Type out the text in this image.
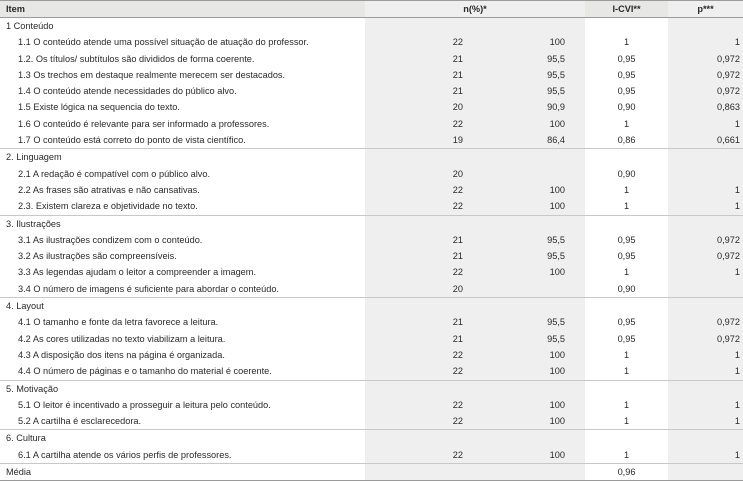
Item	n(%)*		I-CVI**	p***
1 Conteúdo				
1.1 O conteúdo atende uma possível situação de atuação do professor.	22	100	1	1
1.2. Os títulos/ subtítulos são divididos de forma coerente.	21	95,5	0,95	0,972
1.3 Os trechos em destaque realmente merecem ser destacados.	21	95,5	0,95	0,972
1.4 O conteúdo atende necessidades do público alvo.	21	95,5	0,95	0,972
1.5 Existe lógica na sequencia do texto.	20	90,9	0,90	0,863
1.6 O conteúdo é relevante para ser informado a professores.	22	100	1	1
1.7 O conteúdo está correto do ponto de vista científico.	19	86,4	0,86	0,661
2. Linguagem				
2.1 A redação é compatível com o público alvo.	20		0,90	
2.2 As frases são atrativas e não cansativas.	22	100	1	1
2.3. Existem clareza e objetividade no texto.	22	100	1	1
3. Ilustrações				
3.1 As ilustrações condizem com o conteúdo.	21	95,5	0,95	0,972
3.2 As ilustrações são compreensíveis.	21	95,5	0,95	0,972
3.3 As legendas ajudam o leitor a compreender a imagem.	22	100	1	1
3.4 O número de imagens é suficiente para abordar o conteúdo.	20		0,90	
4. Layout				
4.1 O tamanho e fonte da letra favorece a leitura.	21	95,5	0,95	0,972
4.2 As cores utilizadas no texto viabilizam a leitura.	21	95,5	0,95	0,972
4.3 A disposição dos itens na página é organizada.	22	100	1	1
4.4 O número de páginas e o tamanho do material é coerente.	22	100	1	1
5. Motivação				
5.1 O leitor é incentivado a prosseguir a leitura pelo conteúdo.	22	100	1	1
5.2 A cartilha é esclarecedora.	22	100	1	1
6. Cultura				
6.1 A cartilha atende os vários perfis de professores.	22	100	1	1
Média			0,96	
